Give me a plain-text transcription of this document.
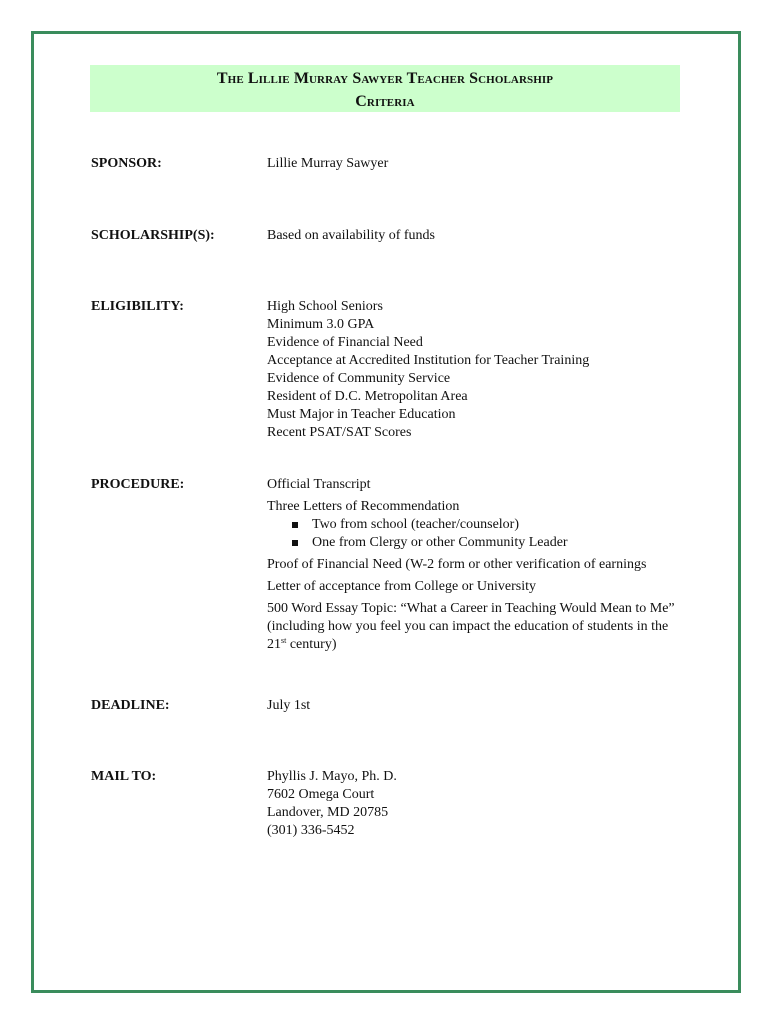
The Lillie Murray Sawyer Teacher Scholarship
Criteria
SPONSOR:	Lillie Murray Sawyer
SCHOLARSHIP(S):	Based on availability of funds
ELIGIBILITY:	High School Seniors
Minimum 3.0 GPA
Evidence of Financial Need
Acceptance at Accredited Institution for Teacher Training
Evidence of Community Service
Resident of D.C. Metropolitan Area
Must Major in Teacher Education
Recent PSAT/SAT Scores
PROCEDURE:	Official Transcript
Three Letters of Recommendation
Two from school (teacher/counselor)
One from Clergy or other Community Leader
Proof of Financial Need (W-2 form or other verification of earnings
Letter of acceptance from College or University
500 Word Essay Topic: “What a Career in Teaching Would Mean to Me” (including how you feel you can impact the education of students in the 21st century)
DEADLINE:	July 1st
MAIL TO:	Phyllis J. Mayo, Ph. D.
7602 Omega Court
Landover, MD 20785
(301) 336-5452
